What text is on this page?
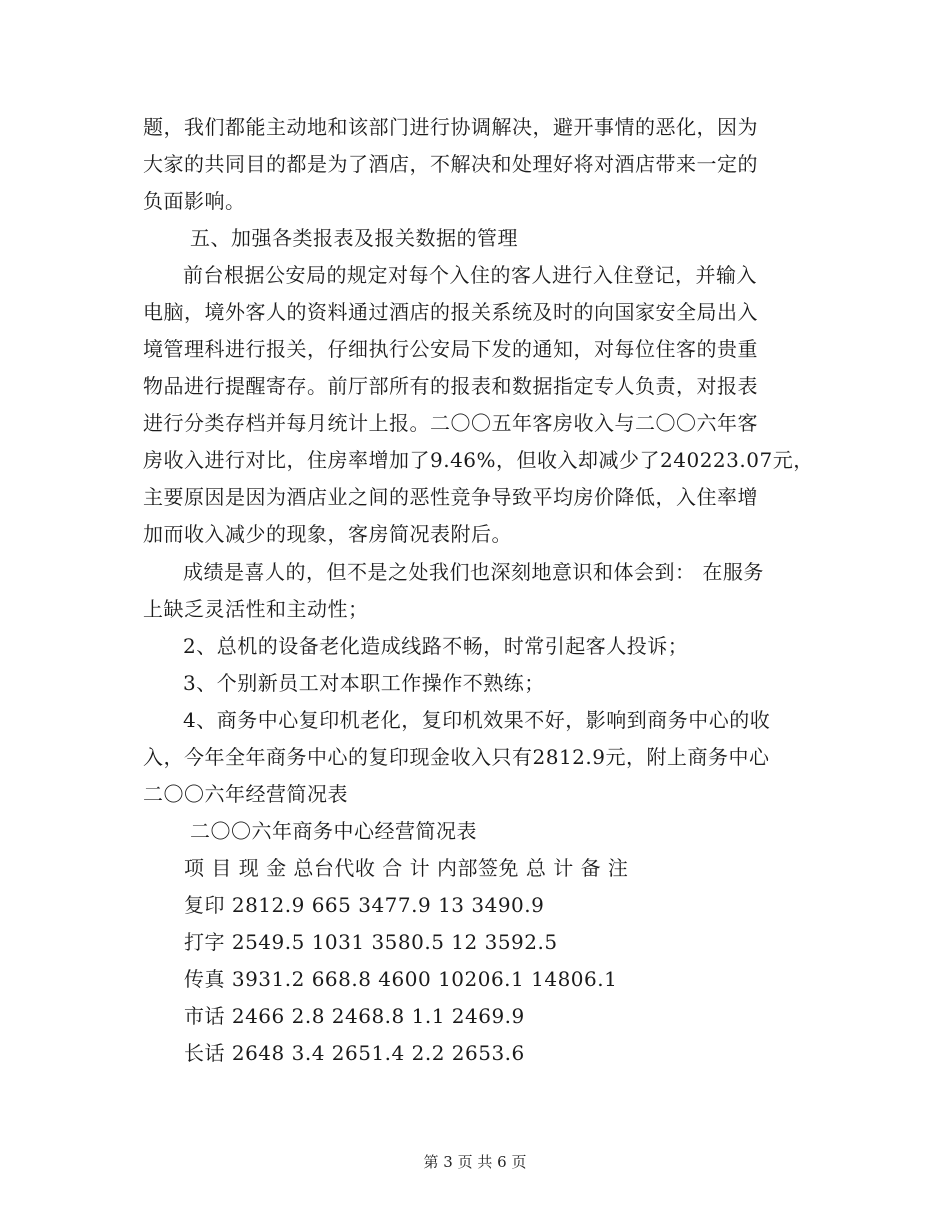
题，我们都能主动地和该部门进行协调解决，避开事情的恶化，因为
大家的共同目的都是为了酒店，不解决和处理好将对酒店带来一定的
负面影响。
五、加强各类报表及报关数据的管理
前台根据公安局的规定对每个入住的客人进行入住登记，并输入
电脑，境外客人的资料通过酒店的报关系统及时的向国家安全局出入
境管理科进行报关，仔细执行公安局下发的通知，对每位住客的贵重
物品进行提醒寄存。前厅部所有的报表和数据指定专人负责，对报表
进行分类存档并每月统计上报。二〇〇五年客房收入与二〇〇六年客
房收入进行对比，住房率增加了9.46%，但收入却减少了240223.07元，
主要原因是因为酒店业之间的恶性竞争导致平均房价降低，入住率增
加而收入减少的现象，客房简况表附后。
成绩是喜人的，但不是之处我们也深刻地意识和体会到： 在服务
上缺乏灵活性和主动性；
2、总机的设备老化造成线路不畅，时常引起客人投诉；
3、个别新员工对本职工作操作不熟练；
4、商务中心复印机老化，复印机效果不好，影响到商务中心的收
入，今年全年商务中心的复印现金收入只有2812.9元，附上商务中心
二〇〇六年经营简况表
二〇〇六年商务中心经营简况表
项 目 现 金 总台代收 合 计 内部签免 总 计 备 注
复印 2812.9 665 3477.9 13 3490.9
打字 2549.5 1031 3580.5 12 3592.5
传真 3931.2 668.8 4600 10206.1 14806.1
市话 2466 2.8 2468.8 1.1 2469.9
长话 2648 3.4 2651.4 2.2 2653.6
第 3 页 共 6 页
